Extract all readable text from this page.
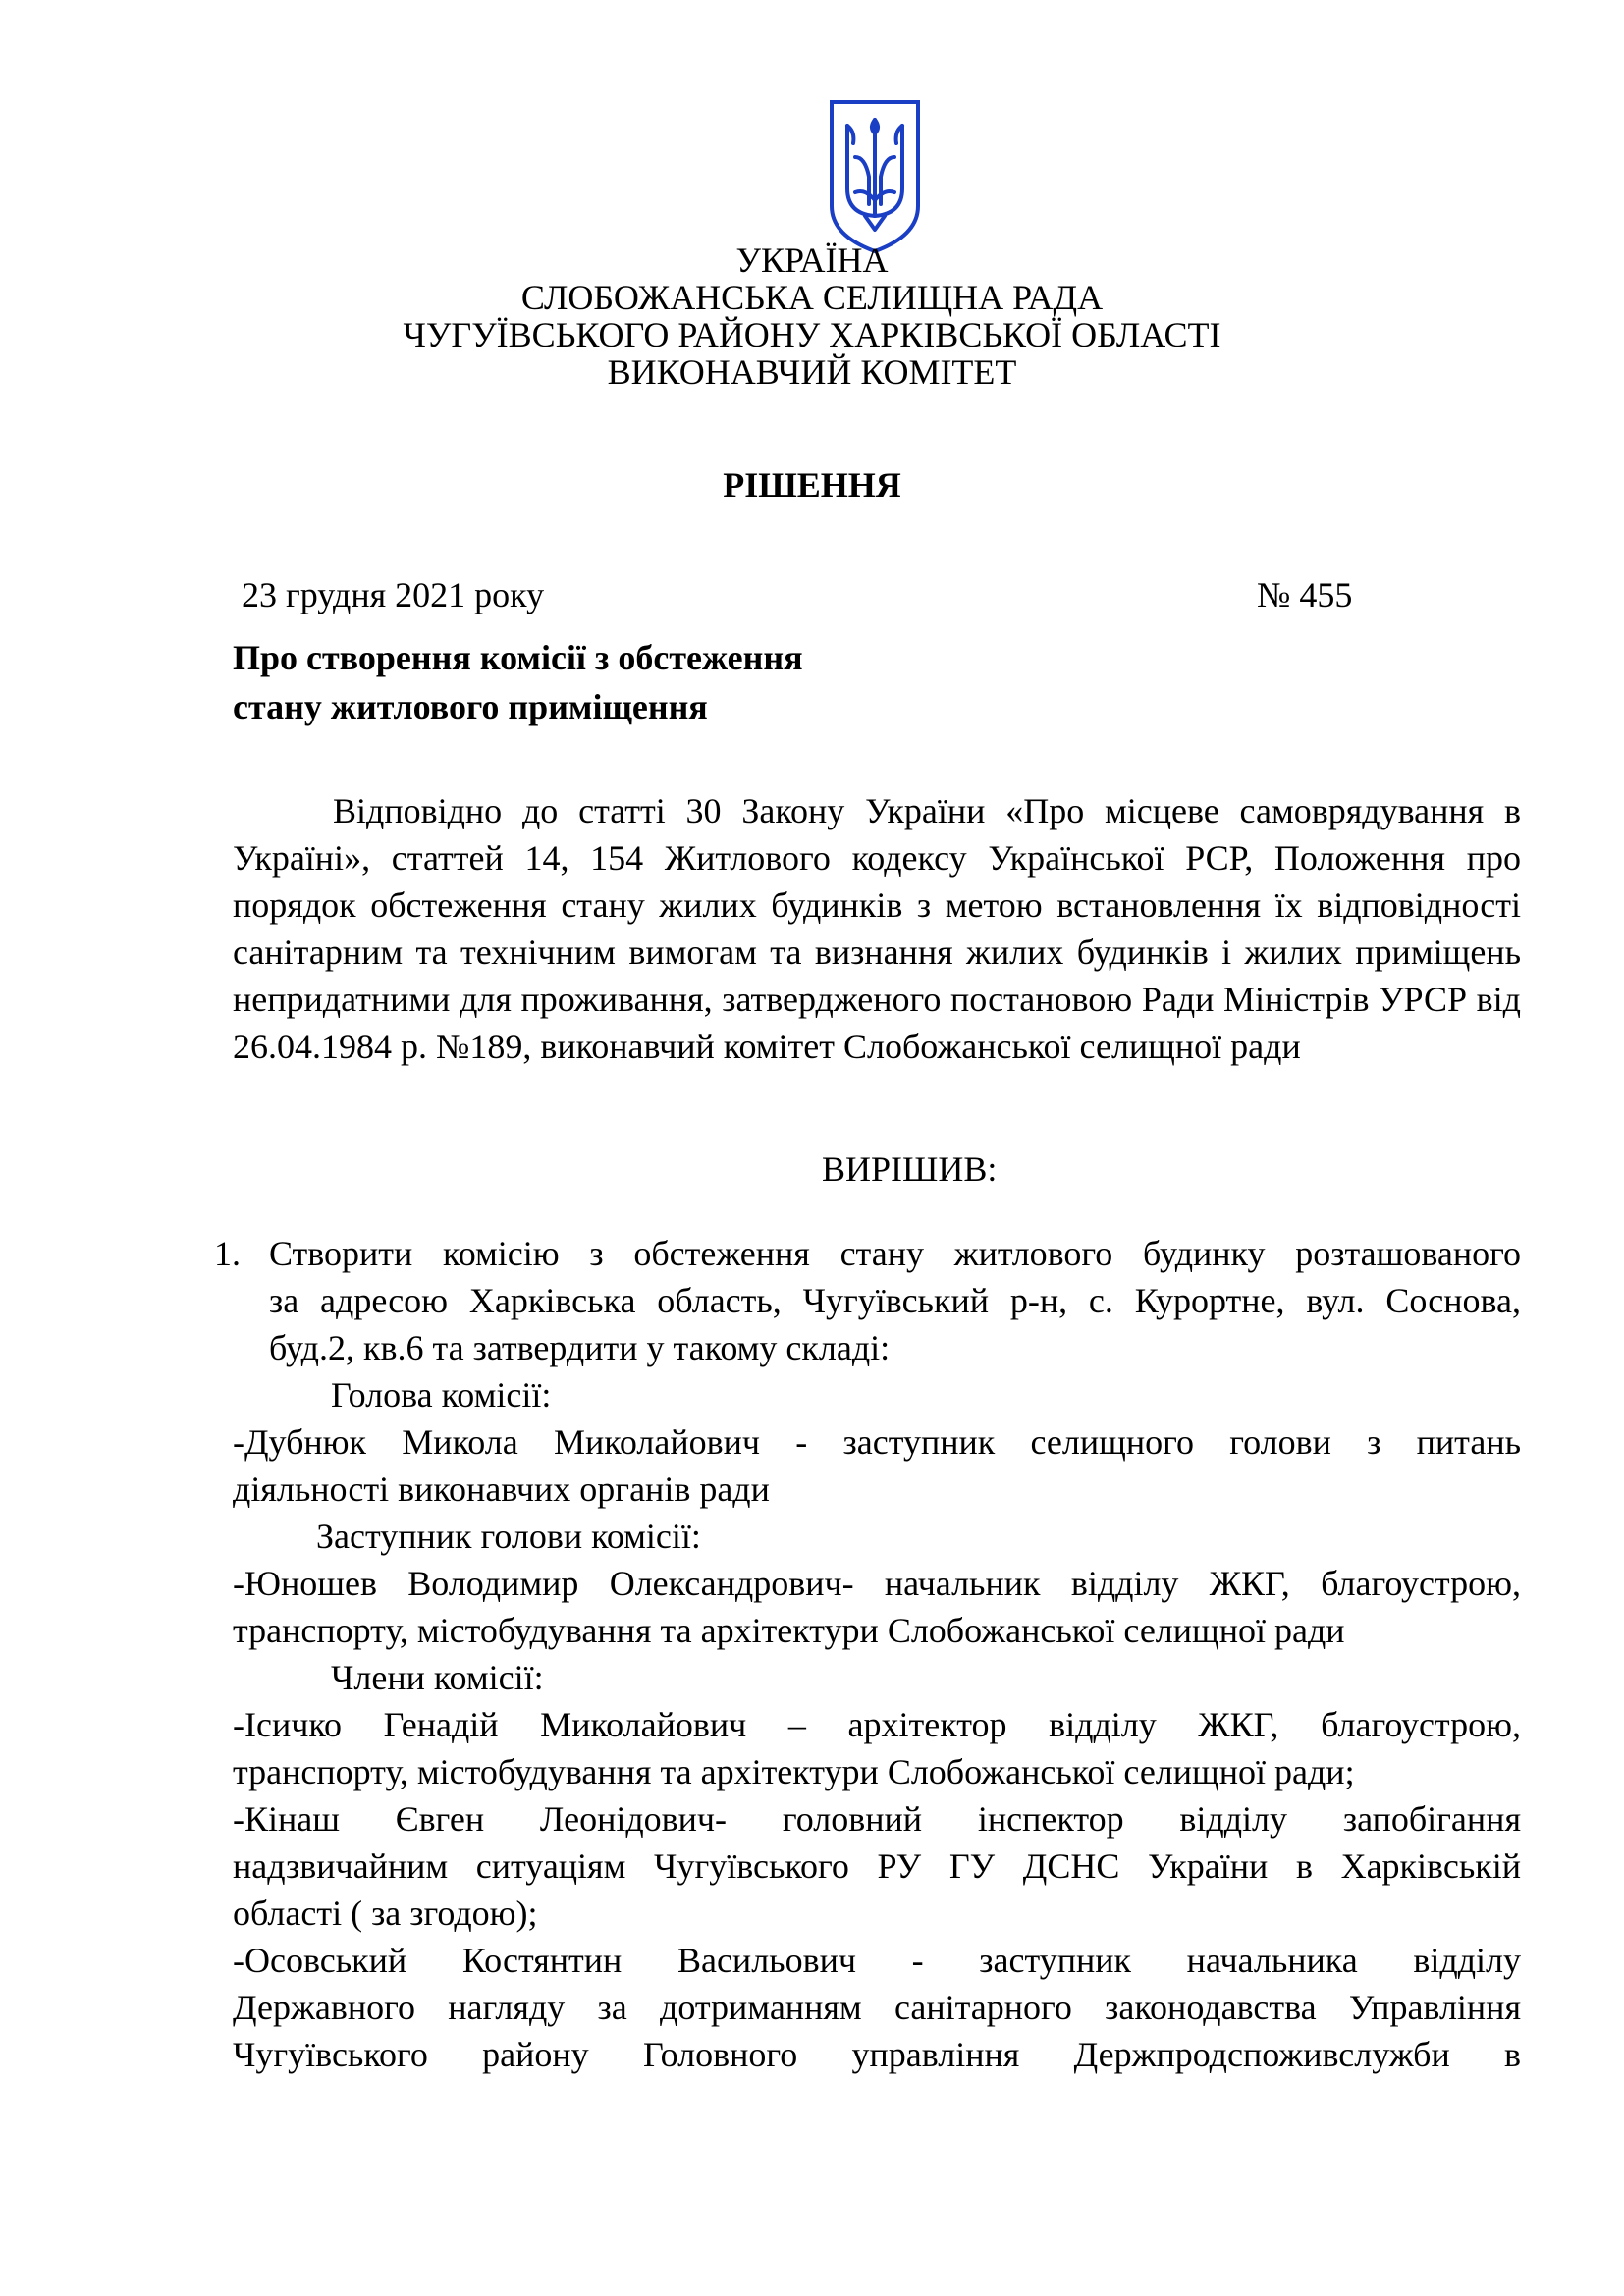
УКРАЇНА
СЛОБОЖАНСЬКА СЕЛИЩНА РАДА
ЧУГУЇВСЬКОГО РАЙОНУ ХАРКІВСЬКОЇ ОБЛАСТІ
ВИКОНАВЧИЙ КОМІТЕТ
РІШЕННЯ
23 грудня 2021 року	№ 455
Про створення комісії з обстеження
стану житлового приміщення

Відповідно до статті 30 Закону України «Про місцеве самоврядування в Україні», статтей 14, 154 Житлового кодексу Української РСР, Положення про порядок обстеження стану жилих будинків з метою встановлення їх відповідності санітарним та технічним вимогам та визнання жилих будинків і жилих приміщень непридатними для проживання, затвердженого постановою Ради Міністрів УРСР від 26.04.1984 р. №189, виконавчий комітет Слобожанської селищної ради

ВИРІШИВ:
1. Створити комісію з обстеження стану житлового будинку розташованого
за адресою Харківська область, Чугуївський р-н, с. Курортне, вул. Соснова,
буд.2, кв.6 та затвердити у такому складі:
Голова комісії:
-Дубнюк Микола Миколайович - заступник селищного голови з питань
діяльності виконавчих органів ради
Заступник голови комісії:
-Юношев Володимир Олександрович- начальник відділу ЖКГ, благоустрою,
транспорту, містобудування та архітектури Слобожанської селищної ради
Члени комісії:
-Ісичко Генадій Миколайович – архітектор відділу ЖКГ, благоустрою,
транспорту, містобудування та архітектури Слобожанської селищної ради;
-Кінаш Євген Леонідович- головний інспектор відділу запобігання
надзвичайним ситуаціям Чугуївського РУ ГУ ДСНС України в Харківській
області ( за згодою);
-Осовський Костянтин Васильович - заступник начальника відділу
Державного нагляду за дотриманням санітарного законодавства Управління
Чугуївського району Головного управління Держпродспоживслужби в
